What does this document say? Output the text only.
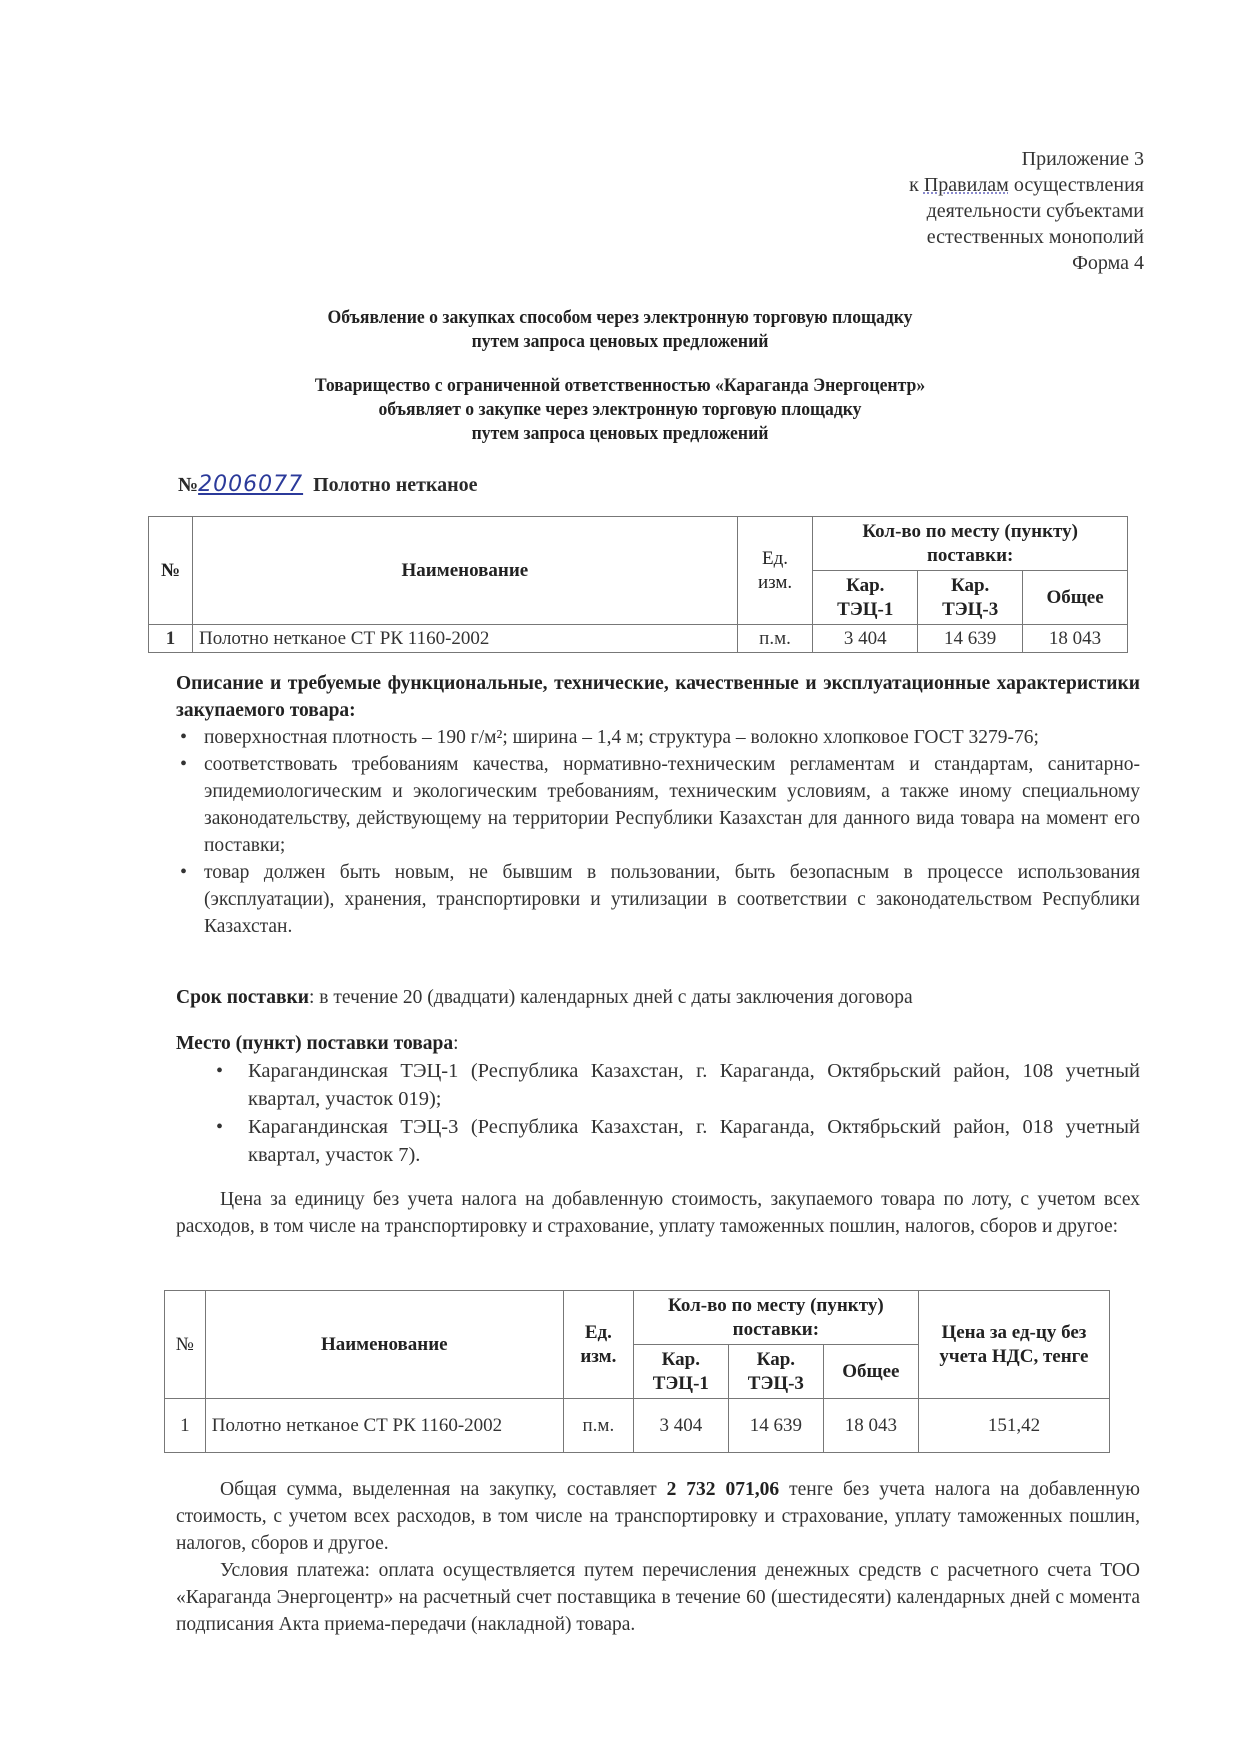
Приложение 3
к Правилам осуществления
деятельности субъектами
естественных монополий
Форма 4
Объявление о закупках способом через электронную торговую площадку
путем запроса ценовых предложений
Товарищество с ограниченной ответственностью «Караганда Энергоцентр»
объявляет о закупке через электронную торговую площадку
путем запроса ценовых предложений
№2006077 Полотно нетканое
№	Наименование	Ед. изм.	Кол-во по месту (пункту) поставки:		
			Кар. ТЭЦ-1	Кар. ТЭЦ-3	Общее
1	Полотно нетканое СТ РК 1160-2002	п.м.	3 404	14 639	18 043
Описание и требуемые функциональные, технические, качественные и эксплуатационные характеристики закупаемого товара:
• поверхностная плотность – 190 г/м²; ширина – 1,4 м; структура – волокно хлопковое ГОСТ 3279-76;
• соответствовать требованиям качества, нормативно-техническим регламентам и стандартам, санитарно-эпидемиологическим и экологическим требованиям, техническим условиям, а также иному специальному законодательству, действующему на территории Республики Казахстан для данного вида товара на момент его поставки;
• товар должен быть новым, не бывшим в пользовании, быть безопасным в процессе использования (эксплуатации), хранения, транспортировки и утилизации в соответствии с законодательством Республики Казахстан.
Срок поставки: в течение 20 (двадцати) календарных дней с даты заключения договора
Место (пункт) поставки товара:
• Карагандинская ТЭЦ-1 (Республика Казахстан, г. Караганда, Октябрьский район, 108 учетный квартал, участок 019);
• Карагандинская ТЭЦ-3 (Республика Казахстан, г. Караганда, Октябрьский район, 018 учетный квартал, участок 7).
Цена за единицу без учета налога на добавленную стоимость, закупаемого товара по лоту, с учетом всех расходов, в том числе на транспортировку и страхование, уплату таможенных пошлин, налогов, сборов и другое:
№	Наименование	Ед. изм.	Кол-во по месту (пункту) поставки:			Цена за ед-цу без учета НДС, тенге
			Кар. ТЭЦ-1	Кар. ТЭЦ-3	Общее	
1	Полотно нетканое СТ РК 1160-2002	п.м.	3 404	14 639	18 043	151,42
Общая сумма, выделенная на закупку, составляет 2 732 071,06 тенге без учета налога на добавленную стоимость, с учетом всех расходов, в том числе на транспортировку и страхование, уплату таможенных пошлин, налогов, сборов и другое.
Условия платежа: оплата осуществляется путем перечисления денежных средств с расчетного счета ТОО «Караганда Энергоцентр» на расчетный счет поставщика в течение 60 (шестидесяти) календарных дней с момента подписания Акта приема-передачи (накладной) товара.
